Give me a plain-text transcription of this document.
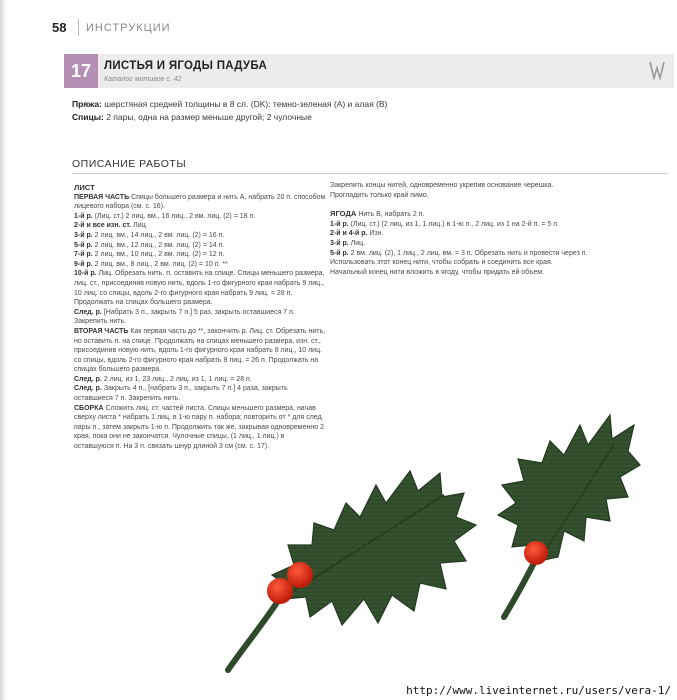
58 ИНСТРУКЦИИ
17	ЛИСТЬЯ И ЯГОДЫ ПАДУБА
Каталог мотивов с. 42
Пряжа: шерстяная средней толщины в 8 сл. (DK): темно-зеленая (A) и алая (B)
Спицы: 2 пары, одна на размер меньше другой; 2 чулочные
ОПИСАНИЕ РАБОТЫ

ЛИСТ

ПЕРВАЯ ЧАСТЬ Спицы большего размера и нить A, набрать 20 п. способом лицевого набора (см. с. 16).

1-й р. (Лиц. ст.) 2 лиц. вм., 16 лиц., 2 вм. лиц. (2) = 18 п.

2-й и все изн. ст. Лиц.

3-й р. 2 лиц. вм., 14 лиц., 2 вм. лиц. (2) = 16 п.

5-й р. 2 лиц. вм., 12 лиц., 2 вм. лиц. (2) = 14 п.

7-й р. 2 лиц. вм., 10 лиц., 2 вм. лиц. (2) = 12 п.

9-й р. 2 лиц. вм., 8 лиц., 2 вм. лиц. (2) = 10 п. **

10-й р. Лиц. Обрезать нить, п. оставить на спице. Спицы меньшего размера, лиц. ст., присоединив новую нить, вдоль 1-го фигурного края набрать 9 лиц., 10 лиц. со спицы, вдоль 2-го фигурного края набрать 9 лиц. = 28 п. Продолжать на спицах большего размера.

След. р. [Набрать 3 п., закрыть 7 п.] 5 раз, закрыть оставшиеся 7 п. Закрепить нить.

ВТОРАЯ ЧАСТЬ Как первая часть до **, закончить р. Лиц. ст. Обрезать нить, но оставить п. на спице. Продолжать на спицах меньшего размера, изн. ст., присоединив новую нить, вдоль 1-го фигурного края набрать 8 лиц., 10 лиц. со спицы, вдоль 2-го фигурного края набрать 8 лиц. = 26 п. Продолжать на спицах большего размера.

След. р. 2 лиц. из 1, 23 лиц., 2 лиц. из 1, 1 лиц. = 28 п.

След. р. Закрыть 4 п., [набрать 3 п., закрыть 7 п.] 4 раза, закрыть оставшиеся 7 п. Закрепить нить.

СБОРКА Сложить лиц. ст. частей листа. Спицы меньшего размера, начав сверху листа * набрать 1 лиц. в 1-ю пару п. набора; повторить от * для след. пары п., затем закрыть 1-ю п. Продолжить так же, закрывая одновременно 2 края, пока они не закончатся. Чулочные спицы, (1 лиц., 1 лиц.) в оставшуюся п. На 3 п. связать шнур длиной 3 см (см. с. 17).

Закрепить концы нитей, одновременно укрепив основание черешка. Прогладить только край пимо.

ЯГОДА Нить B, набрать 2 п.

1-й р. (Лиц. ст.) (2 лиц. из 1, 1 лиц.) в 1-ю п., 2 лиц. из 1 на 2-й п. = 5 п.

2-й и 4-й р. Изн.

3-й р. Лиц.

5-й р. 2 вм. лиц. (2), 1 лиц., 2 лиц. вм. = 3 п. Обрезать нить и провести через п. Использовать этот конец нити, чтобы собрать и соединить все края. Начальный конец нити вложить в ягоду, чтобы придать ей объем.

http://www.liveinternet.ru/users/vera-1/
